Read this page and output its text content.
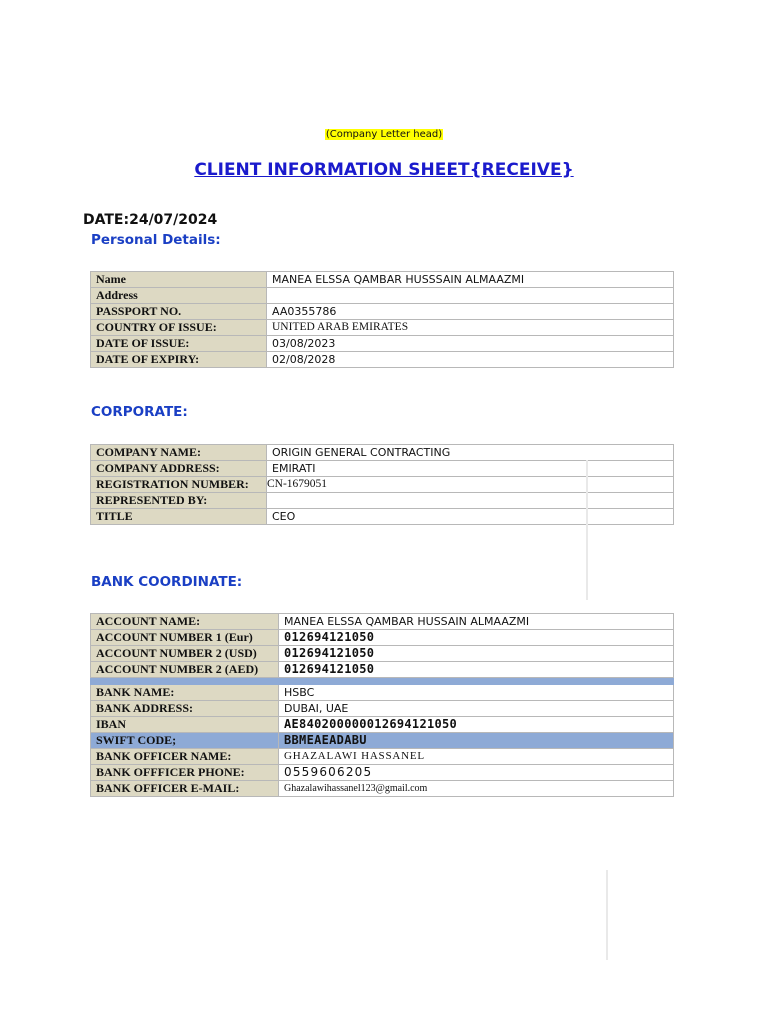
(Company Letter head)
CLIENT INFORMATION SHEET{RECEIVE}
DATE:24/07/2024
Personal Details:
Name	MANEA ELSSA QAMBAR HUSSSAIN ALMAAZMI
Address	
PASSPORT NO.	AA0355786
COUNTRY OF ISSUE:	UNITED ARAB EMIRATES
DATE OF ISSUE:	03/08/2023
DATE OF EXPIRY:	02/08/2028
CORPORATE:
COMPANY NAME:	ORIGIN GENERAL CONTRACTING
COMPANY ADDRESS:	EMIRATI
REGISTRATION NUMBER:	CN-1679051
REPRESENTED BY:	
TITLE	CEO
BANK COORDINATE:
ACCOUNT NAME:	MANEA ELSSA QAMBAR HUSSAIN ALMAAZMI
ACCOUNT NUMBER 1 (Eur)	012694121050
ACCOUNT NUMBER 2 (USD)	012694121050
ACCOUNT NUMBER 2 (AED)	012694121050

BANK NAME:	HSBC
BANK ADDRESS:	DUBAI, UAE
IBAN	AE840200000012694121050
SWIFT CODE;	BBMEAEADABU
BANK OFFICER NAME:	GHAZALAWI HASSANEL
BANK OFFFICER PHONE:	0559606205
BANK OFFICER E-MAIL:	Ghazalawihassanel123@gmail.com
